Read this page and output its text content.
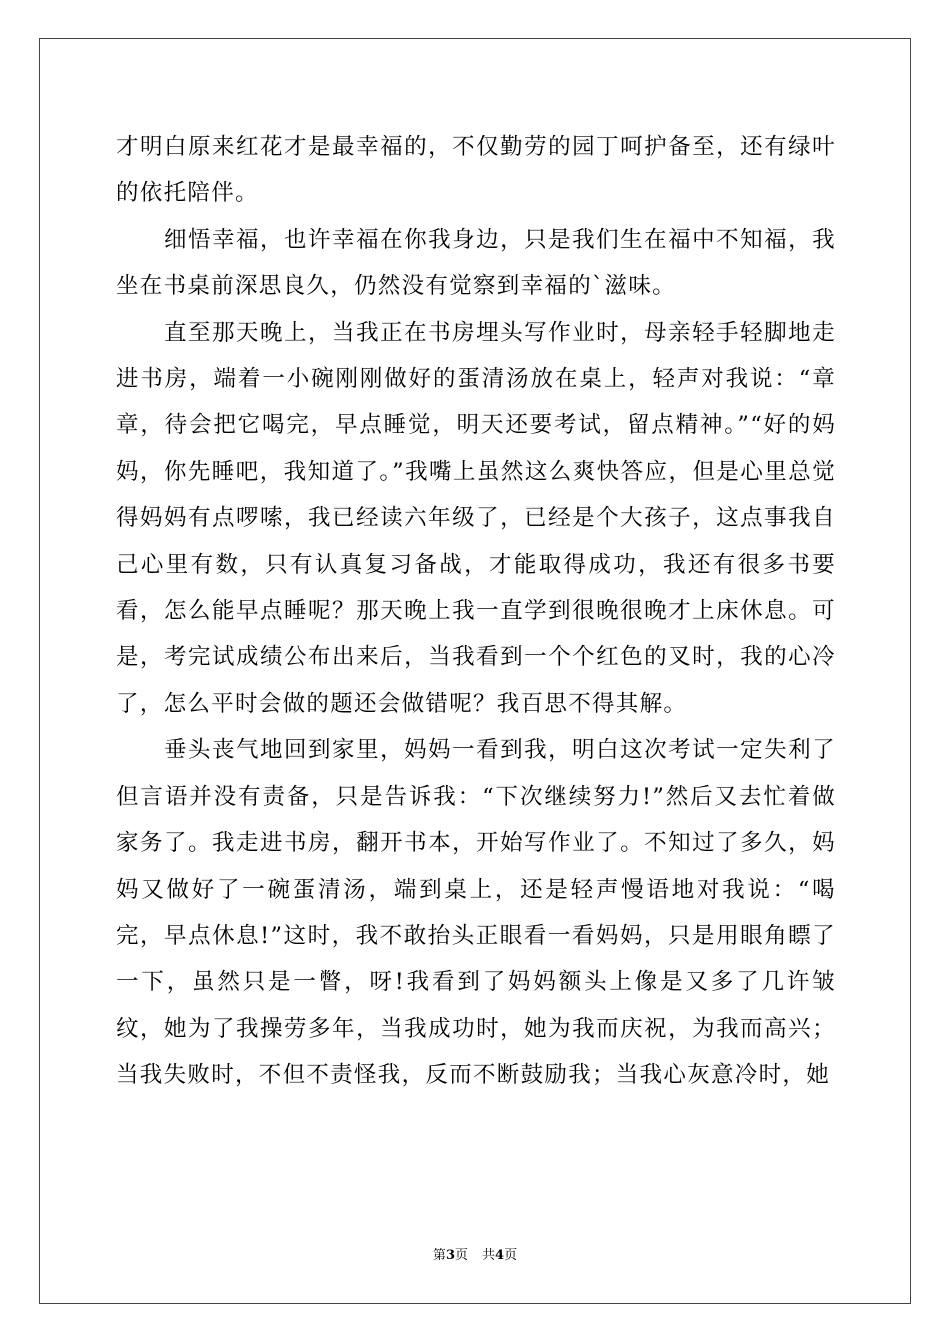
才明白原来红花才是最幸福的，不仅勤劳的园丁呵护备至，还有绿叶的依托陪伴。

　　细悟幸福，也许幸福在你我身边，只是我们生在福中不知福，我坐在书桌前深思良久，仍然没有觉察到幸福的`滋味。

　　直至那天晚上，当我正在书房埋头写作业时，母亲轻手轻脚地走进书房，端着一小碗刚刚做好的蛋清汤放在桌上，轻声对我说：“章章，待会把它喝完，早点睡觉，明天还要考试，留点精神。”“好的妈妈，你先睡吧，我知道了。”我嘴上虽然这么爽快答应，但是心里总觉得妈妈有点啰嗦，我已经读六年级了，已经是个大孩子，这点事我自己心里有数，只有认真复习备战，才能取得成功，我还有很多书要看，怎么能早点睡呢？那天晚上我一直学到很晚很晚才上床休息。可是，考完试成绩公布出来后，当我看到一个个红色的叉时，我的心冷了，怎么平时会做的题还会做错呢？我百思不得其解。

　　垂头丧气地回到家里，妈妈一看到我，明白这次考试一定失利了但言语并没有责备，只是告诉我：“下次继续努力!”然后又去忙着做家务了。我走进书房，翻开书本，开始写作业了。不知过了多久，妈妈又做好了一碗蛋清汤，端到桌上，还是轻声慢语地对我说：“喝完，早点休息!”这时，我不敢抬头正眼看一看妈妈，只是用眼角瞟了一下，虽然只是一瞥，呀!我看到了妈妈额头上像是又多了几许皱纹，她为了我操劳多年，当我成功时，她为我而庆祝，为我而高兴；当我失败时，不但不责怪我，反而不断鼓励我；当我心灰意冷时，她

第3页 共4页
